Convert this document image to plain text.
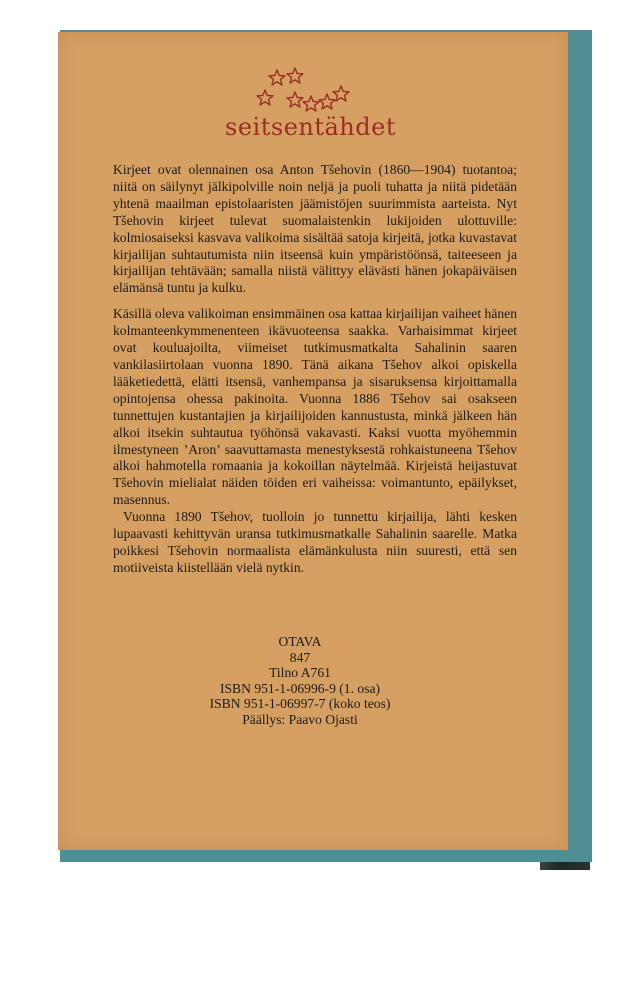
seitsentähdet

Kirjeet ovat olennainen osa Anton Tšehovin (1860—1904) tuotantoa; niitä on säilynyt jälkipolville noin neljä ja puoli tuhatta ja niitä pidetään yhtenä maailman epistolaaristen jäämistöjen suurimmista aarteista. Nyt Tšehovin kirjeet tulevat suomalaistenkin lukijoiden ulottuville: kolmiosaiseksi kasvava valikoima sisältää satoja kirjeitä, jotka kuvastavat kirjailijan suhtautumista niin itseensä kuin ympäristöönsä, taiteeseen ja kirjailijan tehtävään; samalla niistä välittyy elävästi hänen jokapäiväisen elämänsä tuntu ja kulku.

Käsillä oleva valikoiman ensimmäinen osa kattaa kirjailijan vaiheet hänen kolmanteenkymmenenteen ikävuoteensa saakka. Varhaisimmat kirjeet ovat kouluajoilta, viimeiset tutkimusmatkalta Sahalinin saaren vankilasiirtolaan vuonna 1890. Tänä aikana Tšehov alkoi opiskella lääketiedettä, elätti itsensä, vanhempansa ja sisaruksensa kirjoittamalla opintojensa ohessa pakinoita. Vuonna 1886 Tšehov sai osakseen tunnettujen kustantajien ja kirjailijoiden kannustusta, minkä jälkeen hän alkoi itsekin suhtautua työhönsä vakavasti. Kaksi vuotta myöhemmin ilmestyneen ’Aron’ saavuttamasta menestyksestä rohkaistuneena Tšehov alkoi hahmotella romaania ja kokoillan näytelmää. Kirjeistä heijastuvat Tšehovin mielialat näiden töiden eri vaiheissa: voimantunto, epäilykset, masennus.

Vuonna 1890 Tšehov, tuolloin jo tunnettu kirjailija, lähti kesken lupaavasti kehittyvän uransa tutkimusmatkalle Sahalinin saarelle. Matka poikkesi Tšehovin normaalista elämänkulusta niin suuresti, että sen motiiveista kiistellään vielä nytkin.

OTAVA
847
Tilno A761
ISBN 951-1-06996-9 (1. osa)
ISBN 951-1-06997-7 (koko teos)
Päällys: Paavo Ojasti
